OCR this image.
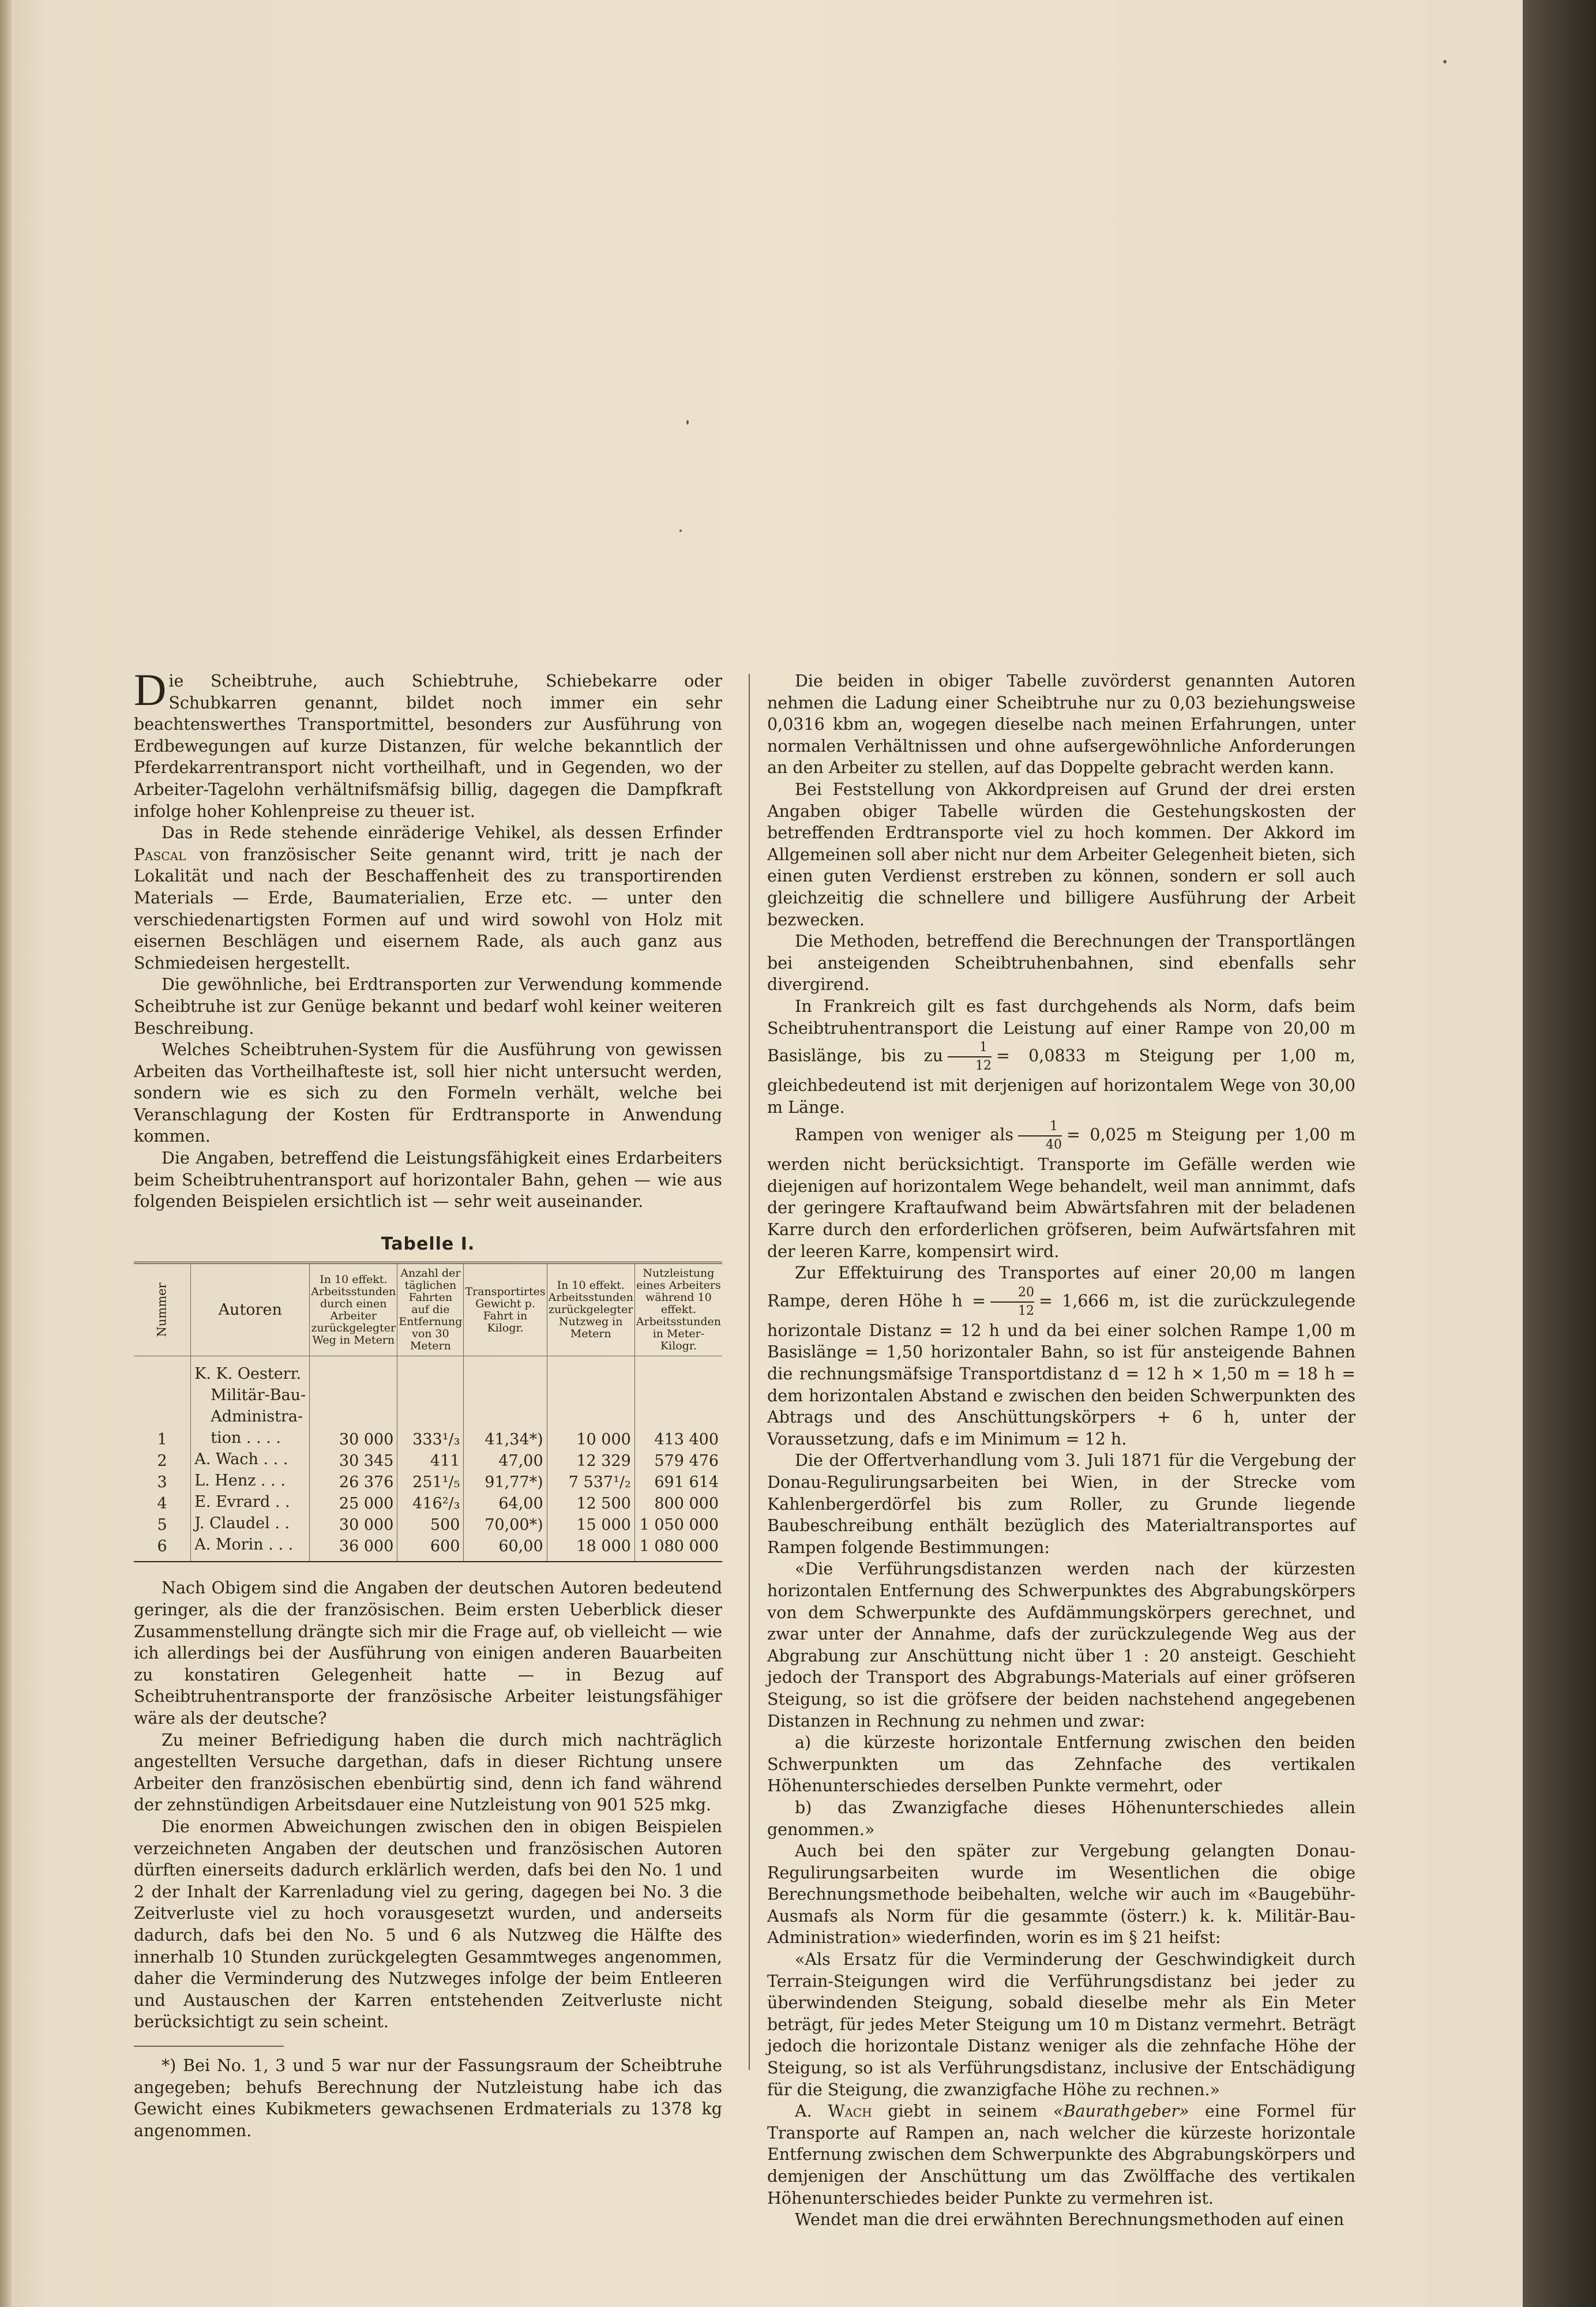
Die Scheibtruhe, auch Schiebtruhe, Schiebekarre oder Schubkarren genannt, bildet noch immer ein sehr beachtenswerthes Transportmittel, besonders zur Ausführung von Erdbewegungen auf kurze Distanzen, für welche bekanntlich der Pferdekarrentransport nicht vortheilhaft, und in Gegenden, wo der Arbeiter-Tagelohn verhältnifsmäfsig billig, dagegen die Dampfkraft infolge hoher Kohlenpreise zu theuer ist.

Das in Rede stehende einräderige Vehikel, als dessen Erfinder Pascal von französischer Seite genannt wird, tritt je nach der Lokalität und nach der Beschaffenheit des zu transportirenden Materials — Erde, Baumaterialien, Erze etc. — unter den verschiedenartigsten Formen auf und wird sowohl von Holz mit eisernen Beschlägen und eisernem Rade, als auch ganz aus Schmiedeisen hergestellt.

Die gewöhnliche, bei Erdtransporten zur Verwendung kommende Scheibtruhe ist zur Genüge bekannt und bedarf wohl keiner weiteren Beschreibung.

Welches Scheibtruhen-System für die Ausführung von gewissen Arbeiten das Vortheilhafteste ist, soll hier nicht untersucht werden, sondern wie es sich zu den Formeln verhält, welche bei Veranschlagung der Kosten für Erdtransporte in Anwendung kommen.

Die Angaben, betreffend die Leistungsfähigkeit eines Erdarbeiters beim Scheibtruhentransport auf horizontaler Bahn, gehen — wie aus folgenden Beispielen ersichtlich ist — sehr weit auseinander.

Tabelle I.
Nummer	Autoren	In 10 effekt. Arbeitsstunden durch einen Arbeiter zurückgelegter Weg in Metern	Anzahl der täglichen Fahrten auf die Entfernung von 30 Metern	Transportirtes Gewicht p. Fahrt in Kilogr.	In 10 effekt. Arbeitsstunden zurückgelegter Nutzweg in Metern	Nutzleistung eines Arbeiters während 10 effekt. Arbeitsstunden in Meter-Kilogr.
1	K. K. Oesterr.
Militär-Bau-
Administra-
tion . . . .	30 000	333¹/₃	41,34*)	10 000	413 400
2	A. Wach . . .	30 345	411	47,00	12 329	579 476
3	L. Henz . . .	26 376	251¹/₅	91,77*)	7 537¹/₂	691 614
4	E. Evrard . .	25 000	416²/₃	64,00	12 500	800 000
5	J. Claudel . .	30 000	500	70,00*)	15 000	1 050 000
6	A. Morin . . .	36 000	600	60,00	18 000	1 080 000

Nach Obigem sind die Angaben der deutschen Autoren bedeutend geringer, als die der französischen. Beim ersten Ueberblick dieser Zusammenstellung drängte sich mir die Frage auf, ob vielleicht — wie ich allerdings bei der Ausführung von einigen anderen Bauarbeiten zu konstatiren Gelegenheit hatte — in Bezug auf Scheibtruhentransporte der französische Arbeiter leistungsfähiger wäre als der deutsche?

Zu meiner Befriedigung haben die durch mich nachträglich angestellten Versuche dargethan, dafs in dieser Richtung unsere Arbeiter den französischen ebenbürtig sind, denn ich fand während der zehnstündigen Arbeitsdauer eine Nutzleistung von 901 525 mkg.

Die enormen Abweichungen zwischen den in obigen Beispielen verzeichneten Angaben der deutschen und französischen Autoren dürften einerseits dadurch erklärlich werden, dafs bei den No. 1 und 2 der Inhalt der Karrenladung viel zu gering, dagegen bei No. 3 die Zeitverluste viel zu hoch vorausgesetzt wurden, und anderseits dadurch, dafs bei den No. 5 und 6 als Nutzweg die Hälfte des innerhalb 10 Stunden zurückgelegten Gesammtweges angenommen, daher die Verminderung des Nutzweges infolge der beim Entleeren und Austauschen der Karren entstehenden Zeitverluste nicht berücksichtigt zu sein scheint.

*) Bei No. 1, 3 und 5 war nur der Fassungsraum der Scheibtruhe angegeben; behufs Berechnung der Nutzleistung habe ich das Gewicht eines Kubikmeters gewachsenen Erdmaterials zu 1378 kg angenommen.

Die beiden in obiger Tabelle zuvörderst genannten Autoren nehmen die Ladung einer Scheibtruhe nur zu 0,03 beziehungsweise 0,0316 kbm an, wogegen dieselbe nach meinen Erfahrungen, unter normalen Verhältnissen und ohne aufsergewöhnliche Anforderungen an den Arbeiter zu stellen, auf das Doppelte gebracht werden kann.

Bei Feststellung von Akkordpreisen auf Grund der drei ersten Angaben obiger Tabelle würden die Gestehungskosten der betreffenden Erdtransporte viel zu hoch kommen. Der Akkord im Allgemeinen soll aber nicht nur dem Arbeiter Gelegenheit bieten, sich einen guten Verdienst erstreben zu können, sondern er soll auch gleichzeitig die schnellere und billigere Ausführung der Arbeit bezwecken.

Die Methoden, betreffend die Berechnungen der Transportlängen bei ansteigenden Scheibtruhenbahnen, sind ebenfalls sehr divergirend.

In Frankreich gilt es fast durchgehends als Norm, dafs beim Scheibtruhentransport die Leistung auf einer Rampe von 20,00 m Basislänge, bis zu $\frac{1}{12} = 0,0833$ m Steigung per 1,00 m, gleichbedeutend ist mit derjenigen auf horizontalem Wege von 30,00 m Länge.

Rampen von weniger als $\frac{1}{40} = 0,025$ m Steigung per 1,00 m werden nicht berücksichtigt. Transporte im Gefälle werden wie diejenigen auf horizontalem Wege behandelt, weil man annimmt, dafs der geringere Kraftaufwand beim Abwärtsfahren mit der beladenen Karre durch den erforderlichen gröfseren, beim Aufwärtsfahren mit der leeren Karre, kompensirt wird.

Zur Effektuirung des Transportes auf einer 20,00 m langen Rampe, deren Höhe $h = \frac{20}{12} = 1,666$ m, ist die zurückzulegende horizontale Distanz = 12 h und da bei einer solchen Rampe 1,00 m Basislänge = 1,50 horizontaler Bahn, so ist für ansteigende Bahnen die rechnungsmäfsige Transportdistanz d = 12 h × 1,50 m = 18 h = dem horizontalen Abstand e zwischen den beiden Schwerpunkten des Abtrags und des Anschüttungskörpers + 6 h, unter der Voraussetzung, dafs e im Minimum = 12 h.

Die der Offertverhandlung vom 3. Juli 1871 für die Vergebung der Donau-Regulirungsarbeiten bei Wien, in der Strecke vom Kahlenbergerdörfel bis zum Roller, zu Grunde liegende Baubeschreibung enthält bezüglich des Materialtransportes auf Rampen folgende Bestimmungen:

«Die Verführungsdistanzen werden nach der kürzesten horizontalen Entfernung des Schwerpunktes des Abgrabungskörpers von dem Schwerpunkte des Aufdämmungskörpers gerechnet, und zwar unter der Annahme, dafs der zurückzulegende Weg aus der Abgrabung zur Anschüttung nicht über 1 : 20 ansteigt. Geschieht jedoch der Transport des Abgrabungs-Materials auf einer gröfseren Steigung, so ist die gröfsere der beiden nachstehend angegebenen Distanzen in Rechnung zu nehmen und zwar:

a) die kürzeste horizontale Entfernung zwischen den beiden Schwerpunkten um das Zehnfache des vertikalen Höhenunterschiedes derselben Punkte vermehrt, oder

b) das Zwanzigfache dieses Höhenunterschiedes allein genommen.»

Auch bei den später zur Vergebung gelangten Donau-Regulirungsarbeiten wurde im Wesentlichen die obige Berechnungsmethode beibehalten, welche wir auch im «Baugebühr-Ausmafs als Norm für die gesammte (österr.) k. k. Militär-Bau-Administration» wiederfinden, worin es im § 21 heifst:

«Als Ersatz für die Verminderung der Geschwindigkeit durch Terrain-Steigungen wird die Verführungsdistanz bei jeder zu überwindenden Steigung, sobald dieselbe mehr als Ein Meter beträgt, für jedes Meter Steigung um 10 m Distanz vermehrt. Beträgt jedoch die horizontale Distanz weniger als die zehnfache Höhe der Steigung, so ist als Verführungsdistanz, inclusive der Entschädigung für die Steigung, die zwanzigfache Höhe zu rechnen.»

A. Wach giebt in seinem «Baurathgeber» eine Formel für Transporte auf Rampen an, nach welcher die kürzeste horizontale Entfernung zwischen dem Schwerpunkte des Abgrabungskörpers und demjenigen der Anschüttung um das Zwölffache des vertikalen Höhenunterschiedes beider Punkte zu vermehren ist.

Wendet man die drei erwähnten Berechnungsmethoden auf einen
